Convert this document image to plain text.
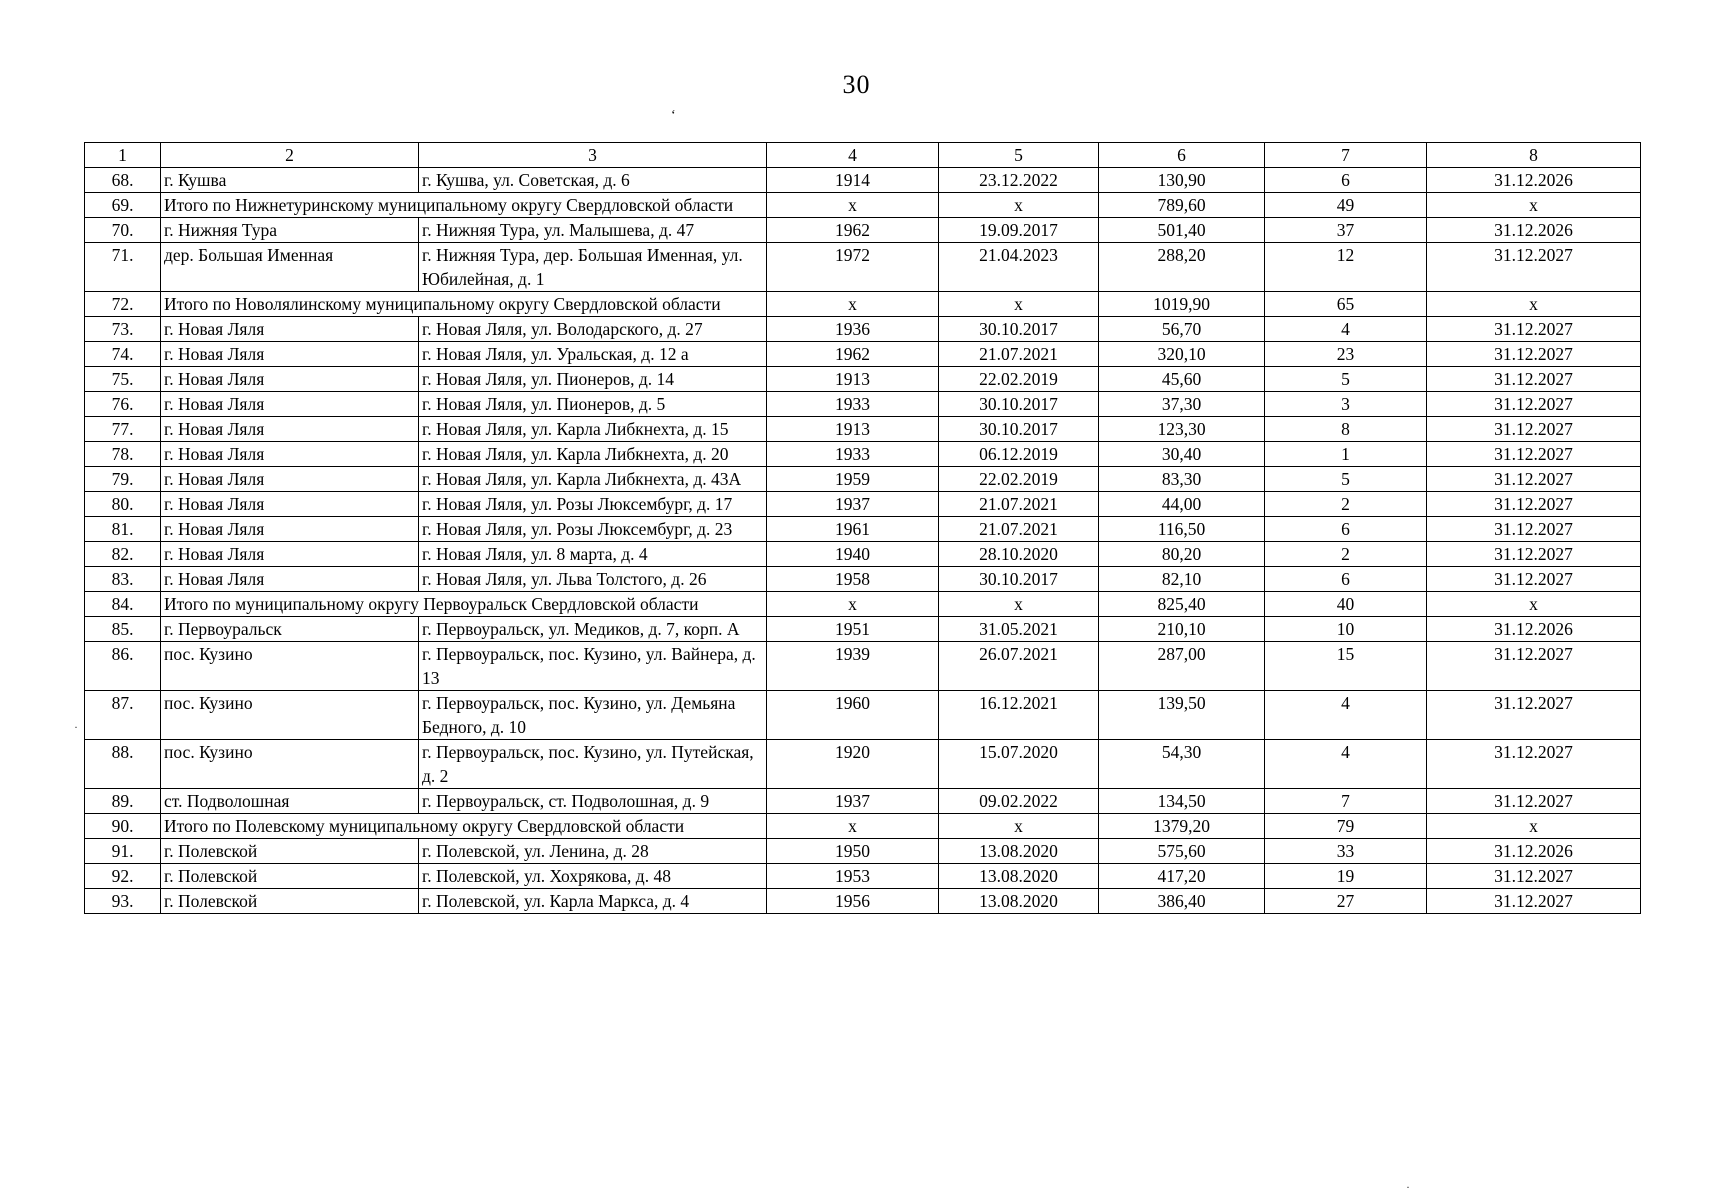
30
‘
·
·
1	2	3	4	5	6	7	8
68.	г. Кушва	г. Кушва, ул. Советская, д. 6	1914	23.12.2022	130,90	6	31.12.2026
69.	Итого по Нижнетуринскому муниципальному округу Свердловской области		x	x	789,60	49	x
70.	г. Нижняя Тура	г. Нижняя Тура, ул. Малышева, д. 47	1962	19.09.2017	501,40	37	31.12.2026
71.	дер. Большая Именная	г. Нижняя Тура, дер. Большая Именная, ул. Юбилейная, д. 1	1972	21.04.2023	288,20	12	31.12.2027
72.	Итого по Новолялинскому муниципальному округу Свердловской области		x	x	1019,90	65	x
73.	г. Новая Ляля	г. Новая Ляля, ул. Володарского, д. 27	1936	30.10.2017	56,70	4	31.12.2027
74.	г. Новая Ляля	г. Новая Ляля, ул. Уральская, д. 12 а	1962	21.07.2021	320,10	23	31.12.2027
75.	г. Новая Ляля	г. Новая Ляля, ул. Пионеров, д. 14	1913	22.02.2019	45,60	5	31.12.2027
76.	г. Новая Ляля	г. Новая Ляля, ул. Пионеров, д. 5	1933	30.10.2017	37,30	3	31.12.2027
77.	г. Новая Ляля	г. Новая Ляля, ул. Карла Либкнехта, д. 15	1913	30.10.2017	123,30	8	31.12.2027
78.	г. Новая Ляля	г. Новая Ляля, ул. Карла Либкнехта, д. 20	1933	06.12.2019	30,40	1	31.12.2027
79.	г. Новая Ляля	г. Новая Ляля, ул. Карла Либкнехта, д. 43А	1959	22.02.2019	83,30	5	31.12.2027
80.	г. Новая Ляля	г. Новая Ляля, ул. Розы Люксембург, д. 17	1937	21.07.2021	44,00	2	31.12.2027
81.	г. Новая Ляля	г. Новая Ляля, ул. Розы Люксембург, д. 23	1961	21.07.2021	116,50	6	31.12.2027
82.	г. Новая Ляля	г. Новая Ляля, ул. 8 марта, д. 4	1940	28.10.2020	80,20	2	31.12.2027
83.	г. Новая Ляля	г. Новая Ляля, ул. Льва Толстого, д. 26	1958	30.10.2017	82,10	6	31.12.2027
84.	Итого по муниципальному округу Первоуральск Свердловской области		x	x	825,40	40	x
85.	г. Первоуральск	г. Первоуральск, ул. Медиков, д. 7, корп. А	1951	31.05.2021	210,10	10	31.12.2026
86.	пос. Кузино	г. Первоуральск, пос. Кузино, ул. Вайнера, д. 13	1939	26.07.2021	287,00	15	31.12.2027
87.	пос. Кузино	г. Первоуральск, пос. Кузино, ул. Демьяна Бедного, д. 10	1960	16.12.2021	139,50	4	31.12.2027
88.	пос. Кузино	г. Первоуральск, пос. Кузино, ул. Путейская, д. 2	1920	15.07.2020	54,30	4	31.12.2027
89.	ст. Подволошная	г. Первоуральск, ст. Подволошная, д. 9	1937	09.02.2022	134,50	7	31.12.2027
90.	Итого по Полевскому муниципальному округу Свердловской области		x	x	1379,20	79	x
91.	г. Полевской	г. Полевской, ул. Ленина, д. 28	1950	13.08.2020	575,60	33	31.12.2026
92.	г. Полевской	г. Полевской, ул. Хохрякова, д. 48	1953	13.08.2020	417,20	19	31.12.2027
93.	г. Полевской	г. Полевской, ул. Карла Маркса, д. 4	1956	13.08.2020	386,40	27	31.12.2027
